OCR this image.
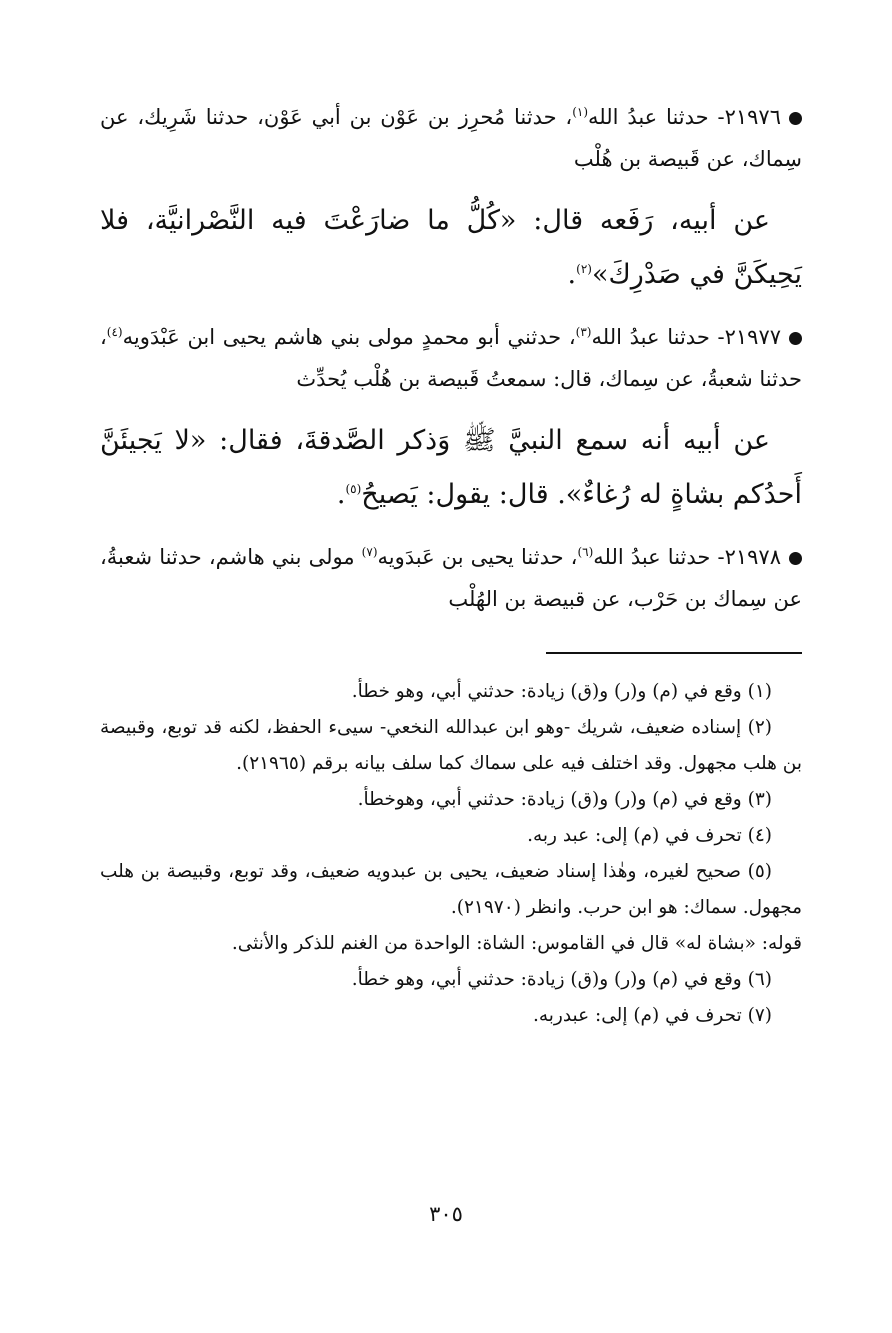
٢١٩٧٦- حدثنا عبدُ الله$^{(١)}$، حدثنا مُحرِز بن عَوْن بن أبي عَوْن، حدثنا شَرِيك، عن سِماك، عن قَبيصة بن هُلْب

عن أبيه، رَفَعه قال: «كُلُّ ما ضارَعْتَ فيه النَّصْرانيَّة، فلا يَحِيكَنَّ في صَدْرِكَ»$^{(٢)}$.

٢١٩٧٧- حدثنا عبدُ الله$^{(٣)}$، حدثني أبو محمدٍ مولى بني هاشم يحيى ابن عَبْدَويه$^{(٤)}$، حدثنا شعبةُ، عن سِماك، قال: سمعتُ قَبيصة بن هُلْب يُحدِّث

عن أبيه أنه سمع النبيَّ ﷺ وَذكر الصَّدقةَ، فقال: «لا يَجيئَنَّ أَحدُكم بشاةٍ له رُغاءٌ». قال: يقول: يَصيحُ$^{(٥)}$.

٢١٩٧٨- حدثنا عبدُ الله$^{(٦)}$، حدثنا يحيى بن عَبدَويه$^{(٧)}$ مولى بني هاشم، حدثنا شعبةُ، عن سِماك بن حَرْب، عن قبيصة بن الهُلْب

(١) وقع في (م) و(ر) و(ق) زيادة: حدثني أبي، وهو خطأ.

(٢) إسناده ضعيف، شريك -وهو ابن عبدالله النخعي- سيىء الحفظ، لكنه قد توبع، وقبيصة بن هلب مجهول. وقد اختلف فيه على سماك كما سلف بيانه برقم (٢١٩٦٥).

(٣) وقع في (م) و(ر) و(ق) زيادة: حدثني أبي، وهوخطأ.

(٤) تحرف في (م) إلى: عبد ربه.

(٥) صحيح لغيره، وهٰذا إسناد ضعيف، يحيى بن عبدويه ضعيف، وقد توبع، وقبيصة بن هلب مجهول. سماك: هو ابن حرب. وانظر (٢١٩٧٠).

قوله: «بشاة له» قال في القاموس: الشاة: الواحدة من الغنم للذكر والأنثى.

(٦) وقع في (م) و(ر) و(ق) زيادة: حدثني أبي، وهو خطأ.

(٧) تحرف في (م) إلى: عبدربه.

٣٠٥
